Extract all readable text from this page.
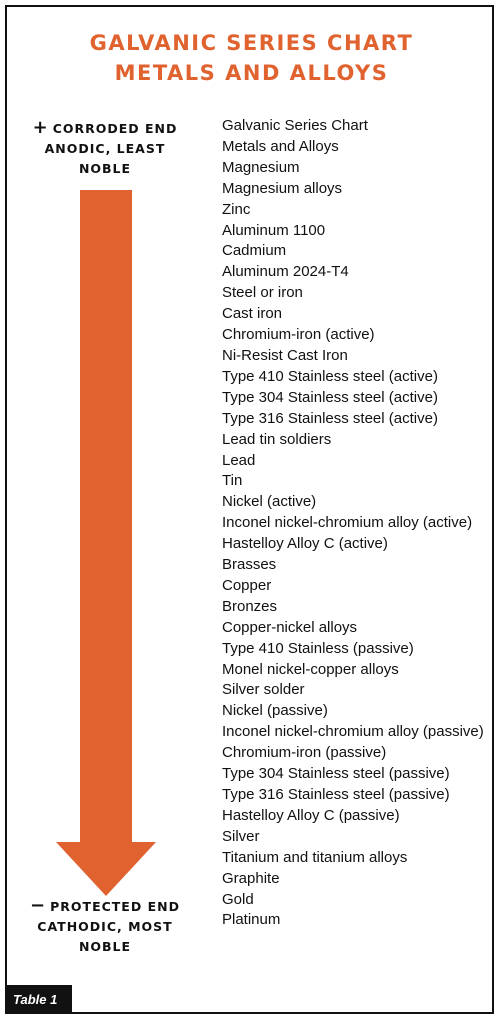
GALVANIC SERIES CHART
METALS AND ALLOYS
+ CORRODED END
ANODIC, LEAST
NOBLE
− PROTECTED END
CATHODIC, MOST
NOBLE
Galvanic Series Chart
Metals and Alloys
Magnesium
Magnesium alloys
Zinc
Aluminum 1100
Cadmium
Aluminum 2024-T4
Steel or iron
Cast iron
Chromium-iron (active)
Ni-Resist Cast Iron
Type 410 Stainless steel (active)
Type 304 Stainless steel (active)
Type 316 Stainless steel (active)
Lead tin soldiers
Lead
Tin
Nickel (active)
Inconel nickel-chromium alloy (active)
Hastelloy Alloy C (active)
Brasses
Copper
Bronzes
Copper-nickel alloys
Type 410 Stainless (passive)
Monel nickel-copper alloys
Silver solder
Nickel (passive)
Inconel nickel-chromium alloy (passive)
Chromium-iron (passive)
Type 304 Stainless steel (passive)
Type 316 Stainless steel (passive)
Hastelloy Alloy C (passive)
Silver
Titanium and titanium alloys
Graphite
Gold
Platinum
Table 1
